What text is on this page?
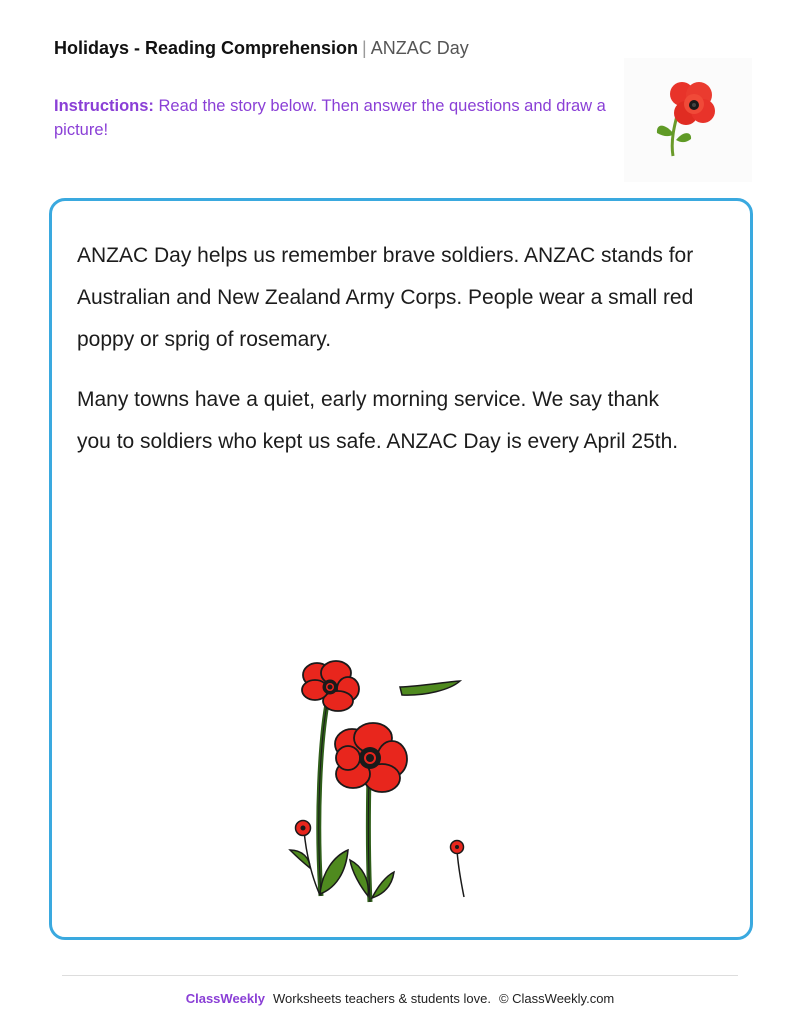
Holidays - Reading Comprehension | ANZAC Day
Instructions: Read the story below. Then answer the questions and draw a picture!

ANZAC Day helps us remember brave soldiers. ANZAC stands for Australian and New Zealand Army Corps. People wear a small red poppy or sprig of rosemary.

Many towns have a quiet, early morning service. We say thank you to soldiers who kept us safe. ANZAC Day is every April 25th.

ClassWeekly Worksheets teachers & students love. © ClassWeekly.com
